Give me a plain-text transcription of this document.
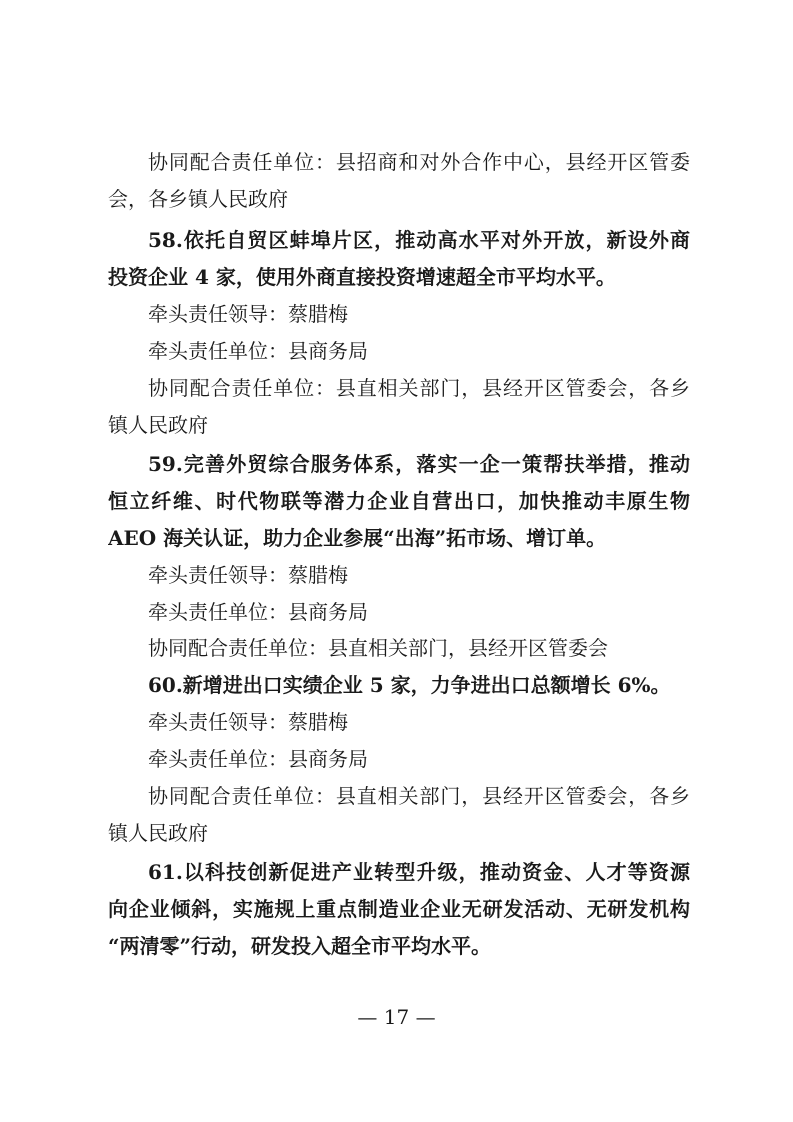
协同配合责任单位：县招商和对外合作中心，县经开区管委
会，各乡镇人民政府
58.依托自贸区蚌埠片区，推动高水平对外开放，新设外商
投资企业 4 家，使用外商直接投资增速超全市平均水平。
牵头责任领导：蔡腊梅
牵头责任单位：县商务局
协同配合责任单位：县直相关部门，县经开区管委会，各乡
镇人民政府
59.完善外贸综合服务体系，落实一企一策帮扶举措，推动
恒立纤维、时代物联等潜力企业自营出口，加快推动丰原生物
AEO 海关认证，助力企业参展“出海”拓市场、增订单。
牵头责任领导：蔡腊梅
牵头责任单位：县商务局
协同配合责任单位：县直相关部门，县经开区管委会
60.新增进出口实绩企业 5 家，力争进出口总额增长 6%。
牵头责任领导：蔡腊梅
牵头责任单位：县商务局
协同配合责任单位：县直相关部门，县经开区管委会，各乡
镇人民政府
61.以科技创新促进产业转型升级，推动资金、人才等资源
向企业倾斜，实施规上重点制造业企业无研发活动、无研发机构
“两清零”行动，研发投入超全市平均水平。
— 17 —
